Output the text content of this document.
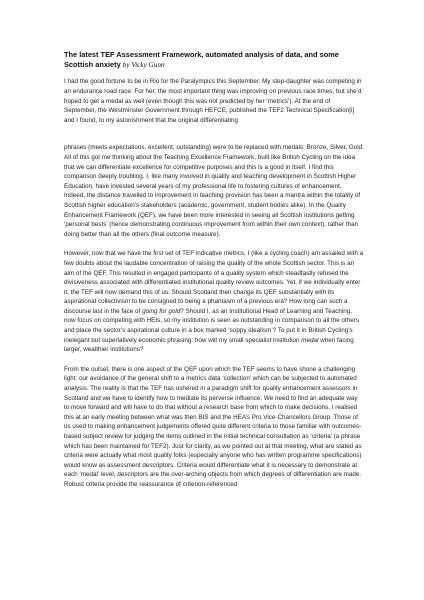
The latest TEF Assessment Framework, automated analysis of data, and some Scottish anxiety by Vicky Gunn

I had the good fortune to be in Rio for the Paralympics this September. My step-daughter was competing in an endurance road race. For her, the most important thing was improving on previous race times, but she’d hoped to get a medal as well (even though this was not predicted by her ‘metrics’). At the end of September, the Westminster Government through HEFCE, published the TEF2 Technical Specification[i] and I found, to my astonishment that the original differentiating

phrases (meets expectations, excellent, outstanding) were to be replaced with medals: Bronze, Silver, Gold. All of this got me thinking about the Teaching Excellence Framework, built like British Cycling on the idea that we can differentiate excellence for competitive purposes and this is a good in itself. I find this comparison deeply troubling. I, like many involved in quality and teaching development in Scottish Higher Education, have invested several years of my professional life to fostering cultures of enhancement. Indeed, the distance travelled to improvement in teaching provision has been a mantra within the totality of Scottish higher education’s stakeholders (academic, government, student bodies alike). In the Quality Enhancement Framework (QEF), we have been more interested in seeing all Scottish institutions getting ‘personal bests’ (hence demonstrating continuous improvement from within their own context), rather than doing better than all the others (final outcome measure).

However, now that we have the first set of TEF indicative metrics, I (like a cycling coach) am assailed with a few doubts about the laudable concentration of raising the quality of the whole Scottish sector. This is an aim of the QEF. This resulted in engaged participants of a quality system which steadfastly refused the divisiveness associated with differentiated institutional quality review outcomes. Yet, if we individually enter it, the TEF will now demand this of us. Should Scotland then change its QEF substantially with its aspirational collectivism to be consigned to being a phantasm of a previous era? How long can such a discourse last in the face of going for gold? Should I, as an Institutional Head of Learning and Teaching, now focus on competing with HEIs, so my institution is seen as outstanding in comparison to all the others and place the sector’s aspirational culture in a box marked ‘soppy idealism’? To put it in British Cycling’s inelegant but superlatively economic phrasing: how will my small specialist institution medal when facing larger, wealthier institutions?

From the outset, there is one aspect of the QEF upon which the TEF seems to have shone a challenging light: our avoidance of the general shift to a metrics data ‘collection’ which can be subjected to automated analysis. The reality is that the TEF has ushered in a paradigm shift for quality enhancement assessors in Scotland and we have to identify how to mediate its perverse influence. We need to find an adequate way to move forward and will have to do that without a research base from which to make decisions. I realised this at an early meeting between what was then BIS and the HEA’s Pro Vice-Chancellors Group. Those of us used to making enhancement judgements offered quite different criteria to those familiar with outcomes-based subject review for judging the items outlined in the initial technical consultation as ‘criteria’ (a phrase which has been maintained for TEF2). Just for clarity, as we pointed out at that meeting, what are stated as criteria were actually what most quality folks (especially anyone who has written programme specifications) would know as assessment descriptors. Criteria would differentiate what it is necessary to demonstrate at each ‘medal’ level, descriptors are the over-arching objects from which degrees of differentiation are made. Robust criteria provide the reassurance of criterion-referenced
